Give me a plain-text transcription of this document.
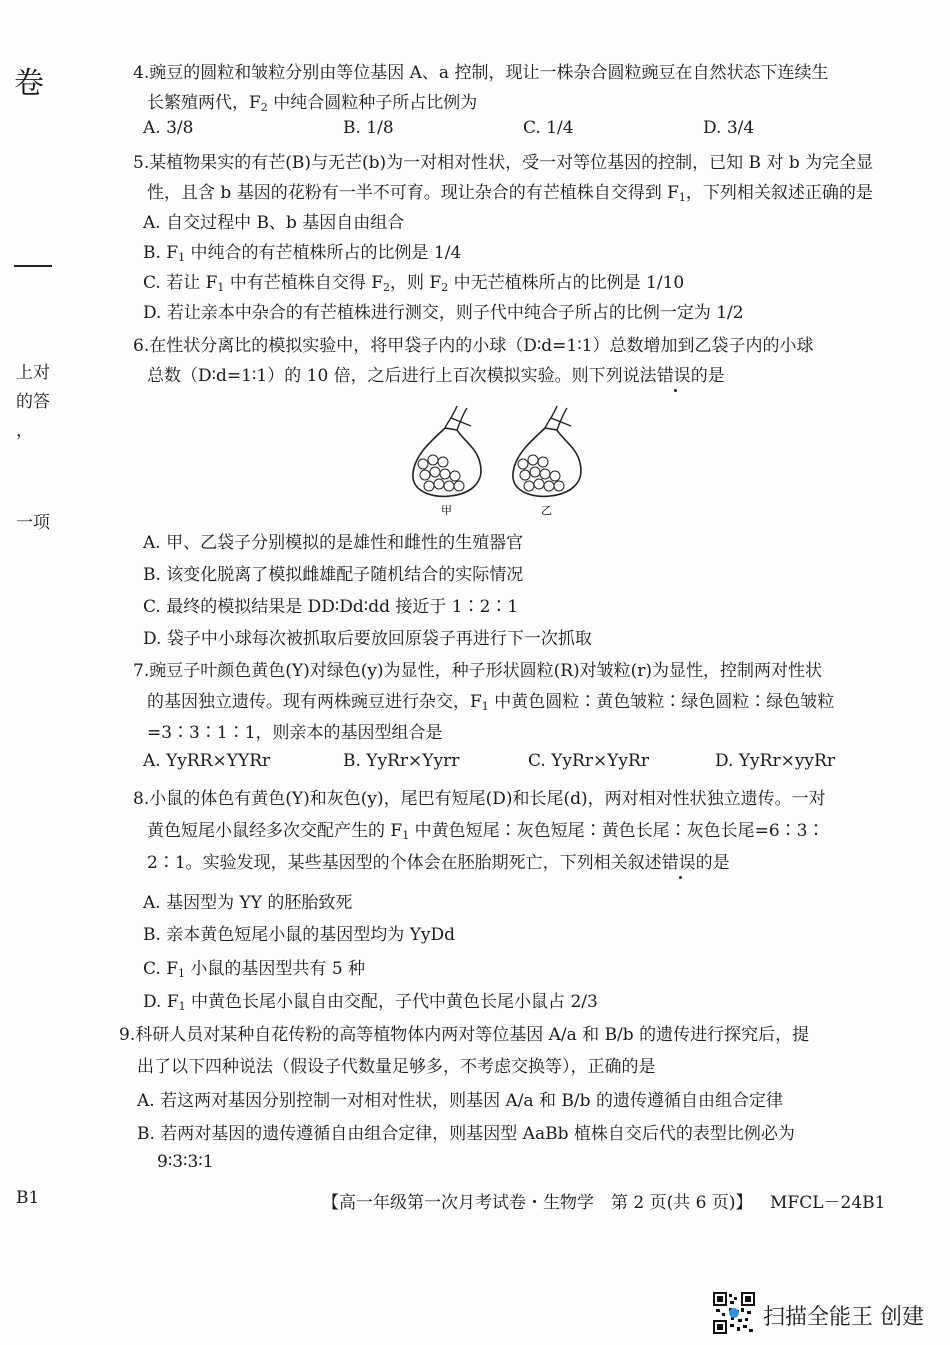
卷
上对
的答
，
一项
4.豌豆的圆粒和皱粒分别由等位基因 A、a 控制，现让一株杂合圆粒豌豆在自然状态下连续生
长繁殖两代，$F_2$ 中纯合圆粒种子所占比例为
A. 3/8	B. 1/8	C. 1/4	D. 3/4
5.某植物果实的有芒(B)与无芒(b)为一对相对性状，受一对等位基因的控制，已知 B 对 b 为完全显
性，且含 b 基因的花粉有一半不可育。现让杂合的有芒植株自交得到 $F_1$，下列相关叙述正确的是
A. 自交过程中 B、b 基因自由组合
B. $F_1$ 中纯合的有芒植株所占的比例是 1/4
C. 若让 $F_1$ 中有芒植株自交得 $F_2$，则 $F_2$ 中无芒植株所占的比例是 1/10
D. 若让亲本中杂合的有芒植株进行测交，则子代中纯合子所占的比例一定为 1/2
6.在性状分离比的模拟实验中，将甲袋子内的小球（D∶d=1∶1）总数增加到乙袋子内的小球
总数（D∶d=1∶1）的 10 倍，之后进行上百次模拟实验。则下列说法错误的是
A. 甲、乙袋子分别模拟的是雄性和雌性的生殖器官
B. 该变化脱离了模拟雌雄配子随机结合的实际情况
C. 最终的模拟结果是 DD∶Dd∶dd 接近于 1∶2∶1
D. 袋子中小球每次被抓取后要放回原袋子再进行下一次抓取
7.豌豆子叶颜色黄色(Y)对绿色(y)为显性，种子形状圆粒(R)对皱粒(r)为显性，控制两对性状
的基因独立遗传。现有两株豌豆进行杂交，$F_1$ 中黄色圆粒∶黄色皱粒∶绿色圆粒∶绿色皱粒
=3∶3∶1∶1，则亲本的基因型组合是
A. YyRR×YYRr	B. YyRr×Yyrr	C. YyRr×YyRr	D. YyRr×yyRr
8.小鼠的体色有黄色(Y)和灰色(y)，尾巴有短尾(D)和长尾(d)，两对相对性状独立遗传。一对
黄色短尾小鼠经多次交配产生的 $F_1$ 中黄色短尾∶灰色短尾∶黄色长尾∶灰色长尾=6∶3∶
2∶1。实验发现，某些基因型的个体会在胚胎期死亡，下列相关叙述错误的是
A. 基因型为 YY 的胚胎致死
B. 亲本黄色短尾小鼠的基因型均为 YyDd
C. $F_1$ 小鼠的基因型共有 5 种
D. $F_1$ 中黄色长尾小鼠自由交配，子代中黄色长尾小鼠占 2/3
9.科研人员对某种自花传粉的高等植物体内两对等位基因 A/a 和 B/b 的遗传进行探究后，提
出了以下四种说法（假设子代数量足够多，不考虑交换等），正确的是
A. 若这两对基因分别控制一对相对性状，则基因 A/a 和 B/b 的遗传遵循自由组合定律
B. 若两对基因的遗传遵循自由组合定律，则基因型 AaBb 植株自交后代的表型比例必为
9∶3∶3∶1
甲	乙
B1	【高一年级第一次月考试卷・生物学　第 2 页(共 6 页)】 MFCL－24B1
扫描全能王 创建
